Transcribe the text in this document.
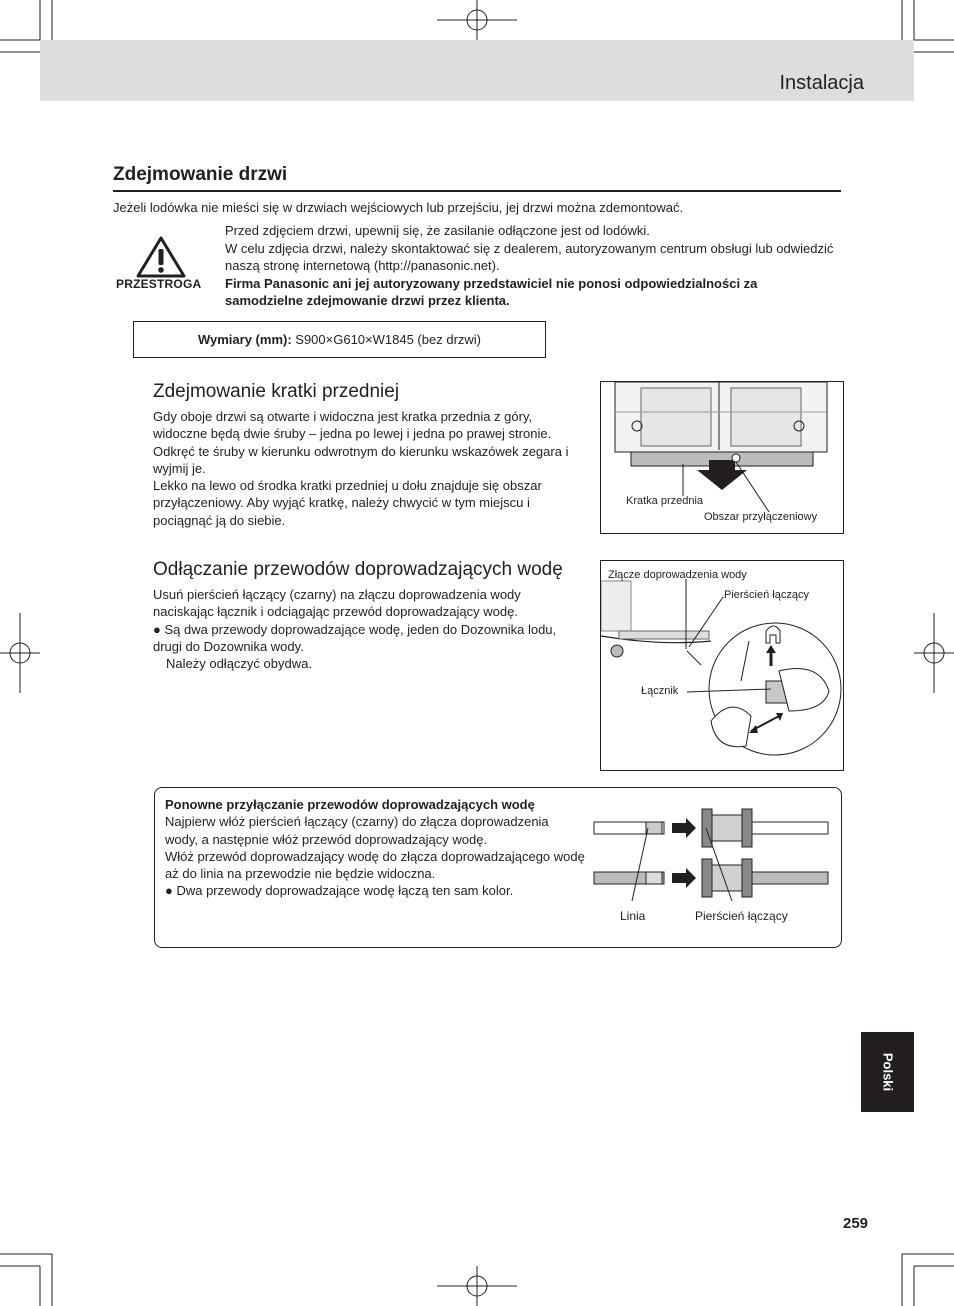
Instalacja
Zdejmowanie drzwi
Jeżeli lodówka nie mieści się w drzwiach wejściowych lub przejściu, jej drzwi można zdemontować.
PRZESTROGA

Przed zdjęciem drzwi, upewnij się, że zasilanie odłączone jest od lodówki.

W celu zdjęcia drzwi, należy skontaktować się z dealerem, autoryzowanym centrum obsługi lub odwiedzić naszą stronę internetową (http://panasonic.net).

Firma Panasonic ani jej autoryzowany przedstawiciel nie ponosi odpowiedzialności za samodzielne zdejmowanie drzwi przez klienta.

Wymiary (mm): S900×G610×W1845 (bez drzwi)
Zdejmowanie kratki przedniej

Gdy oboje drzwi są otwarte i widoczna jest kratka przednia z góry, widoczne będą dwie śruby – jedna po lewej i jedna po prawej stronie.

Odkręć te śruby w kierunku odwrotnym do kierunku wskazówek zegara i wyjmij je.

Lekko na lewo od środka kratki przedniej u dołu znajduje się obszar przyłączeniowy. Aby wyjąć kratkę, należy chwycić w tym miejscu i pociągnąć ją do siebie.

Kratka przednia
Obszar przyłączeniowy
Odłączanie przewodów doprowadzających wodę

Usuń pierścień łączący (czarny) na złączu doprowadzenia wody naciskając łącznik i odciągając przewód doprowadzający wodę.

● Są dwa przewody doprowadzające wodę, jeden do Dozownika lodu, drugi do Dozownika wody.

Należy odłączyć obydwa.

Złącze doprowadzenia wody
Pierścień łączący
Łącznik

Ponowne przyłączanie przewodów doprowadzających wodę

Najpierw włóż pierścień łączący (czarny) do złącza doprowadzenia wody, a następnie włóż przewód doprowadzający wodę.

Włóż przewód doprowadzający wodę do złącza doprowadzającego wodę aż do linia na przewodzie nie będzie widoczna.

● Dwa przewody doprowadzające wodę łączą ten sam kolor.

Linia	Pierścień łączący
Polski
259
